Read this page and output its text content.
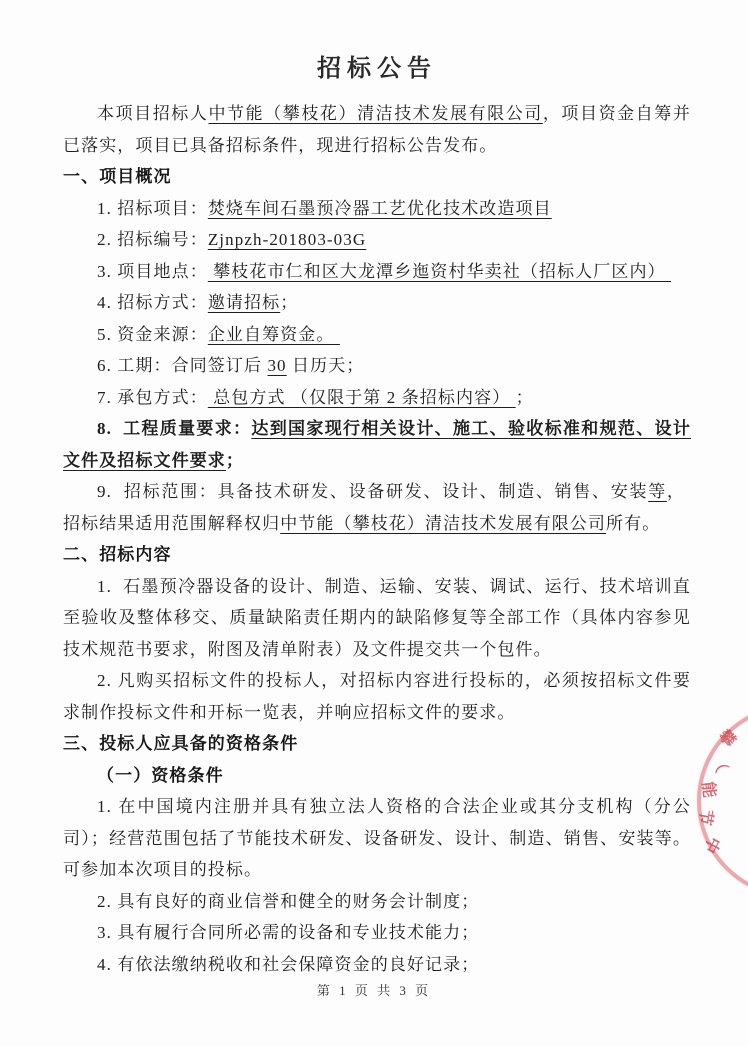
招标公告

本项目招标人中节能（攀枝花）清洁技术发展有限公司，项目资金自筹并已落实，项目已具备招标条件，现进行招标公告发布。

一、项目概况

1. 招标项目：焚烧车间石墨预冷器工艺优化技术改造项目

2. 招标编号：Zjnpzh-201803-03G

3. 项目地点： 攀枝花市仁和区大龙潭乡迤资村华卖社（招标人厂区内）

4. 招标方式：邀请招标；

5. 资金来源：企业自筹资金。

6. 工期：合同签订后 30 日历天；

7. 承包方式： 总包方式 （仅限于第 2 条招标内容） ；

8.  工程质量要求：达到国家现行相关设计、施工、验收标准和规范、设计文件及招标文件要求；

9.  招标范围：具备技术研发、设备研发、设计、制造、销售、安装等，  招标结果适用范围解释权归中节能（攀枝花）清洁技术发展有限公司所有。

二、招标内容

1.  石墨预冷器设备的设计、制造、运输、安装、调试、运行、技术培训直至验收及整体移交、质量缺陷责任期内的缺陷修复等全部工作（具体内容参见技术规范书要求，附图及清单附表）及文件提交共一个包件。

2. 凡购买招标文件的投标人，对招标内容进行投标的，必须按招标文件要求制作投标文件和开标一览表，并响应招标文件的要求。

三、投标人应具备的资格条件

（一）资格条件

1. 在中国境内注册并具有独立法人资格的合法企业或其分支机构（分公司）；经营范围包括了节能技术研发、设备研发、设计、制造、销售、安装等。可参加本次项目的投标。

2. 具有良好的商业信誉和健全的财务会计制度；

3. 具有履行合同所必需的设备和专业技术能力；

4. 有依法缴纳税收和社会保障资金的良好记录；

攀
（
能
节
中
第 1 页 共 3 页
